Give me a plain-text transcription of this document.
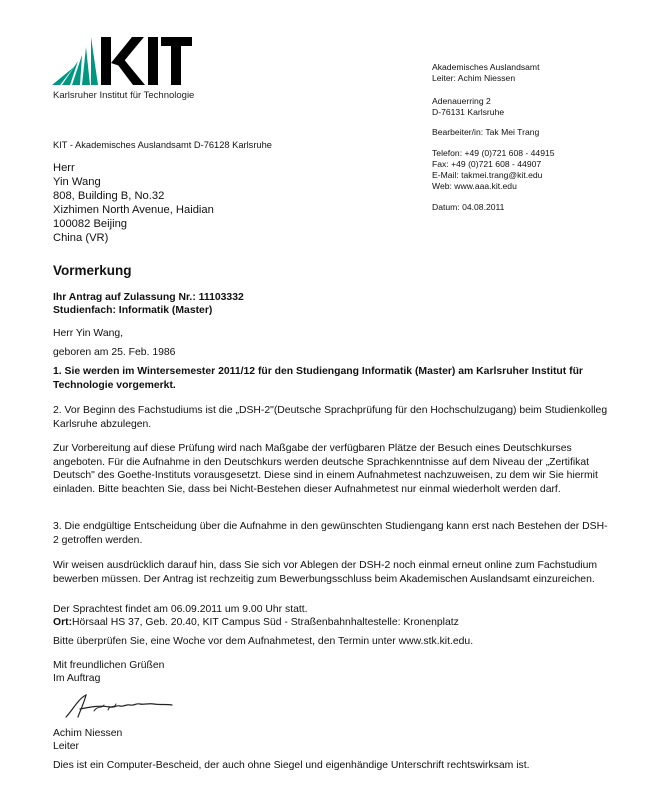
Karlsruher Institut für Technologie
Akademisches Auslandsamt
Leiter: Achim Niessen
Adenauerring 2
D-76131 Karlsruhe
Bearbeiter/in: Tak Mei Trang
Telefon: +49 (0)721 608 - 44915
Fax: +49 (0)721 608 - 44907
E-Mail: takmei.trang@kit.edu
Web: www.aaa.kit.edu
Datum: 04.08.2011
KIT - Akademisches Auslandsamt D-76128 Karlsruhe
Herr
Yin Wang
808, Building B, No.32
Xizhimen North Avenue, Haidian
100082 Beijing
China (VR)
Vormerkung
Ihr Antrag auf Zulassung Nr.: 11103332
Studienfach: Informatik (Master)
Herr Yin Wang,
geboren am 25. Feb. 1986
1. Sie werden im Wintersemester 2011/12 für den Studiengang Informatik (Master) am Karlsruher Institut für Technologie vorgemerkt.
2. Vor Beginn des Fachstudiums ist die „DSH-2"(Deutsche Sprachprüfung für den Hochschulzugang) beim Studienkolleg Karlsruhe abzulegen.
Zur Vorbereitung auf diese Prüfung wird nach Maßgabe der verfügbaren Plätze der Besuch eines Deutschkurses angeboten. Für die Aufnahme in den Deutschkurs werden deutsche Sprachkenntnisse auf dem Niveau der „Zertifikat Deutsch" des Goethe-Instituts vorausgesetzt. Diese sind in einem Aufnahmetest nachzuweisen, zu dem wir Sie hiermit einladen. Bitte beachten Sie, dass bei Nicht-Bestehen dieser Aufnahmetest nur einmal wiederholt werden darf.
3. Die endgültige Entscheidung über die Aufnahme in den gewünschten Studiengang kann erst nach Bestehen der DSH-2 getroffen werden.
Wir weisen ausdrücklich darauf hin, dass Sie sich vor Ablegen der DSH-2 noch einmal erneut online zum Fachstudium bewerben müssen. Der Antrag ist rechzeitig zum Bewerbungsschluss beim Akademischen Auslandsamt einzureichen.
Der Sprachtest findet am 06.09.2011 um 9.00 Uhr statt.
Ort:Hörsaal HS 37, Geb. 20.40, KIT Campus Süd - Straßenbahnhaltestelle: Kronenplatz
Bitte überprüfen Sie, eine Woche vor dem Aufnahmetest, den Termin unter www.stk.kit.edu.
Mit freundlichen Grüßen
Im Auftrag
Achim Niessen
Leiter
Dies ist ein Computer-Bescheid, der auch ohne Siegel und eigenhändige Unterschrift rechtswirksam ist.
